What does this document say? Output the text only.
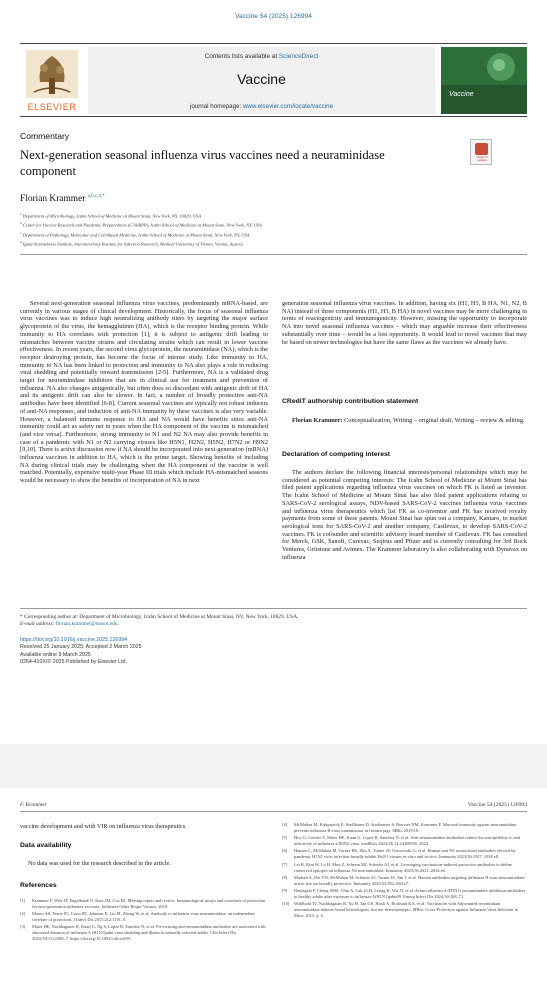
Vaccine 54 (2025) 126994
ELSEVIER
Contents lists available at ScienceDirect
Vaccine
journal homepage: www.elsevier.com/locate/vaccine
Vaccine
Commentary
Next-generation seasonal influenza virus vaccines need a neuraminidase component
Check for updates
Florian Krammer $^{a,b,c,d,*}$
$^a$ Department of Microbiology, Icahn School of Medicine at Mount Sinai, New York, NY, 10029, USA
$^b$ Center for Vaccine Research and Pandemic Preparedness (C-VaRPP), Icahn School of Medicine at Mount Sinai, New York, NY, USA
$^c$ Department of Pathology, Molecular and Cell-Based Medicine, Icahn School of Medicine at Mount Sinai, New York, NY, USA
$^d$ Ignaz Semmelweis Institute, Interuniversity Institute for Infection Research, Medical University of Vienna, Vienna, Austria

Several next-generation seasonal influenza virus vaccines, predominantly mRNA-based, are currently in various stages of clinical development. Historically, the focus of seasonal influenza virus vaccines was to induce high neutralizing antibody titers by targeting the major surface glycoprotein of the virus, the hemagglutinin (HA), which is the receptor binding protein. While immunity to HA correlates with protection [1], it is subject to antigenic drift leading to mismatches between vaccine strains and circulating strains which can result in lower vaccine effectiveness. In recent years, the second virus glycoprotein, the neuraminidase (NA), which is the receptor destroying protein, has become the focus of intense study. Like immunity to HA, immunity to NA has been linked to protection and immunity to NA also plays a role in reducing viral shedding and potentially onward transmission [2-5]. Furthermore, NA is a validated drug target for neuraminidase inhibitors that are in clinical use for treatment and prevention of influenza. NA also changes antigenically, but often does so discordant with antigenic drift of HA and its antigenic drift can also be slower. In fact, a number of broadly protective anti-NA antibodies have been identified [6-8]. Current seasonal vaccines are typically not robust inducers of anti-NA responses, and induction of anti-NA immunity by these vaccines is also very variable. However, a balanced immune response to HA and NA would have benefits since anti-NA immunity could act as safety net in years when the HA component of the vaccine is mismatched (and vice versa). Furthermore, strong immunity to N1 and N2 NA may also provide benefits in case of a pandemic with N1 or N2 carrying viruses like H5N1, H2N2, H5N2, H7N2 or H9N2 [9,10]. There is active discussion now if NA should be incorporated into next-generation (mRNA) influenza vaccines in addition to HA, which is the prime target. Showing benefits of including NA during clinical trials may be challenging when the HA component of the vaccine is well matched. Potentially, expensive multi-year Phase III trials which include HA-mismatched seasons would be necessary to show the benefits of incorporation of NA in next

generation seasonal influenza virus vaccines. In addition, having six (H1, H3, B HA, N1, N2, B NA) instead of three components (H1, H3, B HA) in novel vaccines may be more challenging in terms of reactogenicity and immunogenicity. However, missing the opportunity to incorporate NA into novel seasonal influenza vaccines – which may arguable increase their effectiveness substantially over time – would be a lost opportunity. It would lead to novel vaccines that may be based on newer technologies but have the same flaws as the vaccines we already have.

CRediT authorship contribution statement

Florian Krammer: Conceptualization, Writing – original draft, Writing – review & editing.

Declaration of competing interest

The authors declare the following financial interests/personal relationships which may be considered as potential competing interests: The Icahn School of Medicine at Mount Sinai has filed patent applications regarding influenza virus vaccines on which FK is listed as inventor. The Icahn School of Medicine at Mount Sinai has also filed patent applications relating to SARS-CoV-2 serological assays, NDV-based SARS-CoV-2 vaccines influenza virus vaccines and influenza virus therapeutics which list FK as co-inventor and FK has received royalty payments from some of these patents. Mount Sinai has spun out a company, Kantaro, to market serological tests for SARS-CoV-2 and another company, Castlevax, to develop SARS-CoV-2 vaccines. FK is cofounder and scientific advisory board member of Castlevax. FK has consulted for Merck, GSK, Sanofi, Curevac, Seqirus and Pfizer and is currently consulting for 3rd Rock Ventures, Gritstone and Avimex. The Krammer laboratory is also collaborating with Dynavax on influenza

* Corresponding author at: Department of Microbiology, Icahn School of Medicine at Mount Sinai, NY, New York, 10029, USA.
E-mail address: florian.krammer@mssm.edu.
https://doi.org/10.1016/j.vaccine.2025.126994
Received 25 January 2025; Accepted 2 March 2025
Available online 9 March 2025
0264-410X/© 2025 Published by Elsevier Ltd.
F. Krammer	Vaccine 54 (2025) 126994
vaccine development and with VIR on influenza virus therapeutics.
Data availability
No data was used for the research described in the article.
References
[1]	Krammer F, Weir JP, Engelhardt O, Katz JM, Cox RJ. Meeting report and review: Immunological assays and correlates of protection for next-generation influenza vaccines. Influenza Other Respir Viruses; 2019.
[2]	Monto AS, Petrie JG, Cross RT, Johnson E, Liu M, Zhong W, et al. Antibody to influenza virus neuraminidase: an independent correlate of protection. J Infect Dis 2015;212:1191–9.
[3]	Maier HE, Nachbagauer R, Kuan G, Ng S, Lopez R, Sanchez N, et al. Pre-existing anti-neuraminidase antibodies are associated with shortened duration of influenza A (H1N1)pdm virus shedding and illness in naturally infected adults. Clin Infect Dis 2020;70(11):2290–7. https://doi.org/10.1093/cid/ciz639.
[4]	McMahon M, Kirkpatrick E, Stadlbauer D, Strohmeier S, Bouvier NM, Krammer F. Mucosal immunity against neuraminidase prevents influenza B virus transmission in Guinea pigs. MBio 2019;10.
[5]	Hoy G, Crettier T, Maier HE, Kuan G, Lopez R, Sanchez N, et al. Anti-neuraminidase antibodies reduce the susceptibility to and infectivity of influenza a/H3N2 virus. medRxiv 2024;06.14.24308936. 2024.
[6]	Hansen L, McMahon M, Turner HL, Zhu X, Turner JS, Ozorowski G, et al. Human anti-N1 monoclonal antibodies elicited by pandemic H1N1 virus infection broadly inhibit HxN1 viruses in vitro and in vivo. Immunity 2023;56:1927–1938.e8.
[7]	Lei R, Kim W, Lv H, Mou Z, Scherm MJ, Schmitz AJ, et al. Leveraging vaccination-induced protective antibodies to define conserved epitopes on influenza N2 neuraminidase. Immunity 2023;56:2621–2634.e6.
[8]	Madsen A, Dai YN, McMahon M, Schmitz AJ, Turner JS, Tan J, et al. Human antibodies targeting influenza B virus neuraminidase active site are broadly protective. Immunity 2020;53:852–863.e7.
[9]	Daulagala P, Cheng SMS, Chin A, Luk LLH, Leung K, Wu JT, et al. Avian influenza A (H5N1) neuraminidase inhibition antibodies in healthy adults after exposure to influenza A(H1N1)pdm09. Emerg Infect Dis 2024;30:168–71.
[10]	Wohlbold TJ, Nachbagauer R, Xu H, Tan GS, Hirsh A, Brokstad KA, et al. Vaccination with Adjuvanted recombinant neuraminidase induces broad heterologous, but not heterosubtypic, MBio: Cross-Protection against Influenza Virus Infection in Mice; 2015. p. 6.
